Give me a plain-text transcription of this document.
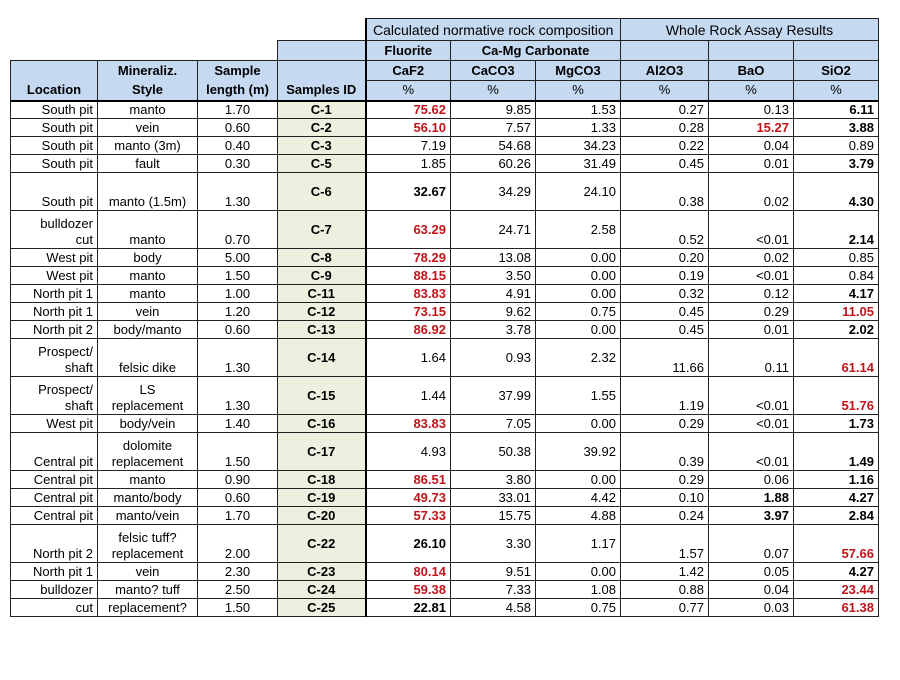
				Calculated normative rock composition			Whole Rock Assay Results		
				Fluorite	Ca-Mg Carbonate				
	Mineraliz.	Sample		CaF2	CaCO3	MgCO3	Al2O3	BaO	SiO2
Location	Style	length (m)	Samples ID	%	%	%	%	%	%
South pit	manto	1.70	C-1	75.62	9.85	1.53	0.27	0.13	6.11
South pit	vein	0.60	C-2	56.10	7.57	1.33	0.28	15.27	3.88
South pit	manto (3m)	0.40	C-3	7.19	54.68	34.23	0.22	0.04	0.89
South pit	fault	0.30	C-5	1.85	60.26	31.49	0.45	0.01	3.79
South pit	manto (1.5m)	1.30	C-6	32.67	34.29	24.10	0.38	0.02	4.30
bulldozer
cut	manto	0.70	C-7	63.29	24.71	2.58	0.52	<0.01	2.14
West pit	body	5.00	C-8	78.29	13.08	0.00	0.20	0.02	0.85
West pit	manto	1.50	C-9	88.15	3.50	0.00	0.19	<0.01	0.84
North pit 1	manto	1.00	C-11	83.83	4.91	0.00	0.32	0.12	4.17
North pit 1	vein	1.20	C-12	73.15	9.62	0.75	0.45	0.29	11.05
North pit 2	body/manto	0.60	C-13	86.92	3.78	0.00	0.45	0.01	2.02
Prospect/
shaft	felsic dike	1.30	C-14	1.64	0.93	2.32	11.66	0.11	61.14
Prospect/
shaft	LS
replacement	1.30	C-15	1.44	37.99	1.55	1.19	<0.01	51.76
West pit	body/vein	1.40	C-16	83.83	7.05	0.00	0.29	<0.01	1.73
Central pit	dolomite
replacement	1.50	C-17	4.93	50.38	39.92	0.39	<0.01	1.49
Central pit	manto	0.90	C-18	86.51	3.80	0.00	0.29	0.06	1.16
Central pit	manto/body	0.60	C-19	49.73	33.01	4.42	0.10	1.88	4.27
Central pit	manto/vein	1.70	C-20	57.33	15.75	4.88	0.24	3.97	2.84
North pit 2	felsic tuff?
replacement	2.00	C-22	26.10	3.30	1.17	1.57	0.07	57.66
North pit 1	vein	2.30	C-23	80.14	9.51	0.00	1.42	0.05	4.27
bulldozer	manto? tuff	2.50	C-24	59.38	7.33	1.08	0.88	0.04	23.44
cut	replacement?	1.50	C-25	22.81	4.58	0.75	0.77	0.03	61.38
